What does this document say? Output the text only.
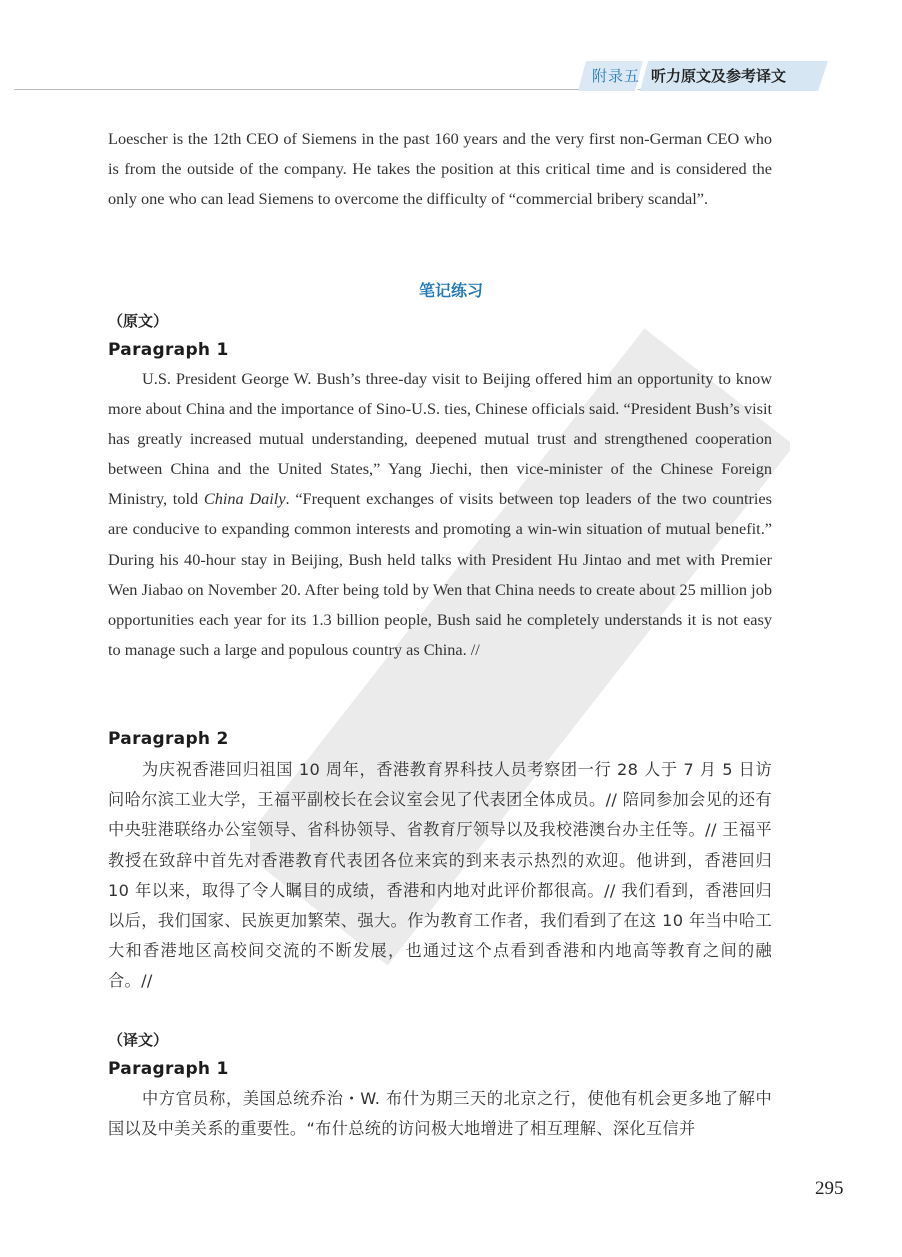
附录五 听力原文及参考译文

Loescher is the 12th CEO of Siemens in the past 160 years and the very first non-German CEO who is from the outside of the company. He takes the position at this critical time and is considered the only one who can lead Siemens to overcome the difficulty of “commercial bribery scandal”.

笔记练习
（原文）
Paragraph 1

U.S. President George W. Bush’s three-day visit to Beijing offered him an opportunity to know more about China and the importance of Sino-U.S. ties, Chinese officials said. “President Bush’s visit has greatly increased mutual understanding, deepened mutual trust and strengthened cooperation between China and the United States,” Yang Jiechi, then vice-minister of the Chinese Foreign Ministry, told China Daily. “Frequent exchanges of visits between top leaders of the two countries are conducive to expanding common interests and promoting a win-win situation of mutual benefit.” During his 40-hour stay in Beijing, Bush held talks with President Hu Jintao and met with Premier Wen Jiabao on November 20. After being told by Wen that China needs to create about 25 million job opportunities each year for its 1.3 billion people, Bush said he completely understands it is not easy to manage such a large and populous country as China. //

Paragraph 2

为庆祝香港回归祖国 10 周年，香港教育界科技人员考察团一行 28 人于 7 月 5 日访问哈尔滨工业大学，王福平副校长在会议室会见了代表团全体成员。// 陪同参加会见的还有中央驻港联络办公室领导、省科协领导、省教育厅领导以及我校港澳台办主任等。// 王福平教授在致辞中首先对香港教育代表团各位来宾的到来表示热烈的欢迎。他讲到，香港回归 10 年以来，取得了令人瞩目的成绩，香港和内地对此评价都很高。// 我们看到，香港回归以后，我们国家、民族更加繁荣、强大。作为教育工作者，我们看到了在这 10 年当中哈工大和香港地区高校间交流的不断发展，也通过这个点看到香港和内地高等教育之间的融合。//

（译文）
Paragraph 1

中方官员称，美国总统乔治・W. 布什为期三天的北京之行，使他有机会更多地了解中国以及中美关系的重要性。“布什总统的访问极大地增进了相互理解、深化互信并

295
